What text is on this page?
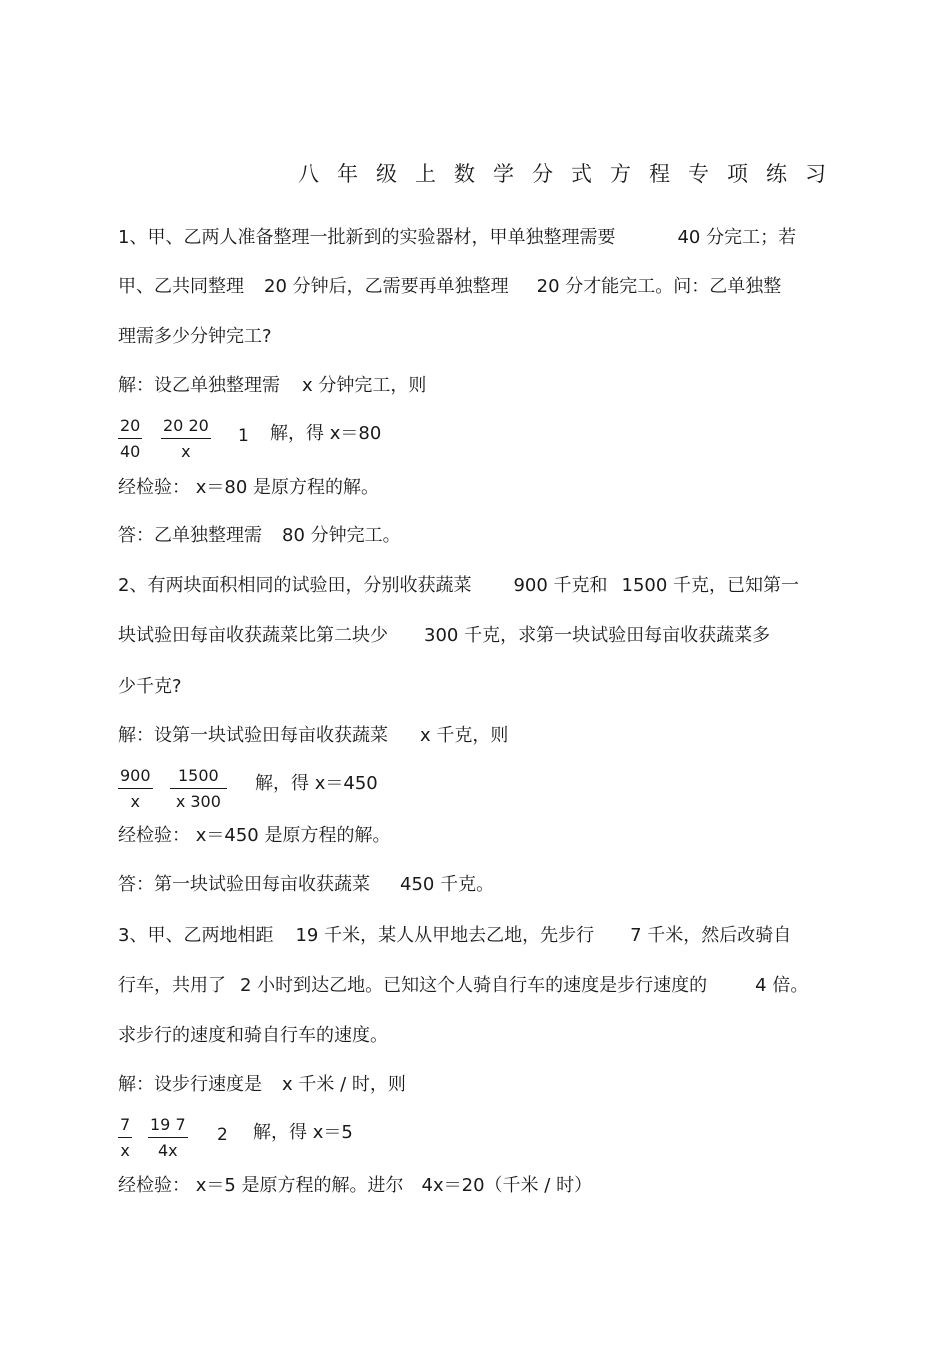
八年级上数学分式方程专项练习
1、甲、乙两人准备整理一批新到的实验器材，甲单独整理需要	40 分完工；若
甲、乙共同整理 20 分钟后，乙需要再单独整理 20 分才能完工。问：乙单独整
理需多少分钟完工?
解：设乙单独整理需 x 分钟完工，则
$\frac{20}{40} \frac{20 20}{x} 1$ 解，得 x＝80
经检验： x＝80 是原方程的解。
答：乙单独整理需 80 分钟完工。
2、有两块面积相同的试验田，分别收获蔬菜 900 千克和 1500 千克，已知第一
块试验田每亩收获蔬菜比第二块少 300 千克，求第一块试验田每亩收获蔬菜多
少千克?
解：设第一块试验田每亩收获蔬菜 x 千克，则
$\frac{900}{x} \frac{1500}{x 300}$ 解，得 x＝450
经检验： x＝450 是原方程的解。
答：第一块试验田每亩收获蔬菜 450 千克。
3、甲、乙两地相距 19 千米，某人从甲地去乙地，先步行 7 千米，然后改骑自
行车，共用了 2 小时到达乙地。已知这个人骑自行车的速度是步行速度的	4 倍。
求步行的速度和骑自行车的速度。
解：设步行速度是 x 千米 / 时，则
$\frac{7}{x} \frac{19 7}{4x} 2$ 解，得 x＝5
经检验： x＝5 是原方程的解。进尔 4x＝20（千米 / 时）
